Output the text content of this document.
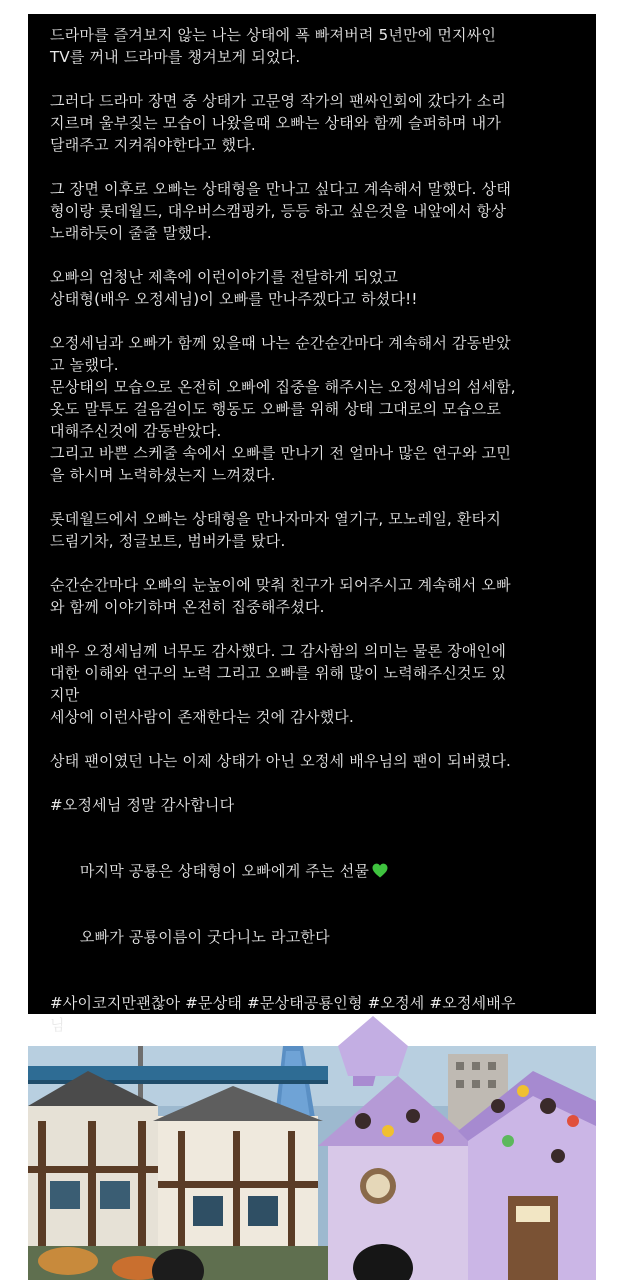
드라마를 즐겨보지 않는 나는 상태에 폭 빠져버려 5년만에 먼지싸인
TV를 꺼내 드라마를 챙겨보게 되었다.

그러다 드라마 장면 중 상태가 고문영 작가의 팬싸인회에 갔다가 소리
지르며 울부짖는 모습이 나왔을때 오빠는 상태와 함께 슬퍼하며 내가
달래주고 지켜줘야한다고 했다.

그 장면 이후로 오빠는 상태형을 만나고 싶다고 계속해서 말했다. 상태
형이랑 롯데월드, 대우버스캠핑카, 등등 하고 싶은것을 내앞에서 항상
노래하듯이 줄줄 말했다.

오빠의 엄청난 제촉에 이런이야기를 전달하게 되었고
상태형(배우 오정세님)이 오빠를 만나주겠다고 하셨다!!

오정세님과 오빠가 함께 있을때 나는 순간순간마다 계속해서 감동받았
고 놀랬다.
문상태의 모습으로 온전히 오빠에 집중을 해주시는 오정세님의 섬세함,
옷도 말투도 걸음걸이도 행동도 오빠를 위해 상태 그대로의 모습으로
대해주신것에 감동받았다.
그리고 바쁜 스케줄 속에서 오빠를 만나기 전 얼마나 많은 연구와 고민
을 하시며 노력하셨는지 느껴졌다.

롯데월드에서 오빠는 상태형을 만나자마자 열기구, 모노레일, 환타지
드림기차, 정글보트, 범버카를 탔다.

순간순간마다 오빠의 눈높이에 맞춰 친구가 되어주시고 계속해서 오빠
와 함께 이야기하며 온전히 집중해주셨다.

배우 오정세님께 너무도 감사했다. 그 감사함의 의미는 물론 장애인에
대한 이해와 연구의 노력 그리고 오빠를 위해 많이 노력해주신것도 있
지만
세상에 이런사람이 존재한다는 것에 감사했다.

상태 팬이였던 나는 이제 상태가 아닌 오정세 배우님의 팬이 되버렸다.

#오정세님 정말 감사합니다

마지막 공룡은 상태형이 오빠에게 주는 선물

오빠가 공룡이름이 굿다니노 라고한다

#사이코지만괜찮아 #문상태 #문상태공룡인형 #오정세 #오정세배우
님
